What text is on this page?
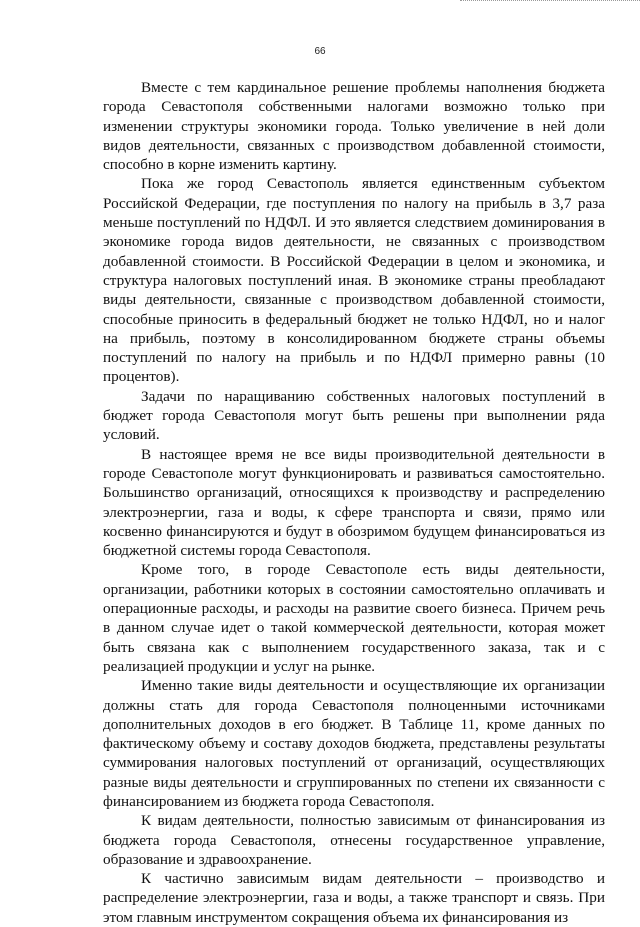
66

Вместе с тем кардинальное решение проблемы наполнения бюджета города Севастополя собственными налогами возможно только при изменении структуры экономики города. Только увеличение в ней доли видов деятельности, связанных с производством добавленной стоимости, способно в корне изменить картину.

Пока же город Севастополь является единственным субъектом Российской Федерации, где поступления по налогу на прибыль в 3,7 раза меньше поступлений по НДФЛ. И это является следствием доминирования в экономике города видов деятельности, не связанных с производством добавленной стоимости. В Российской Федерации в целом и экономика, и структура налоговых поступлений иная. В экономике страны преобладают виды деятельности, связанные с производством добавленной стоимости, способные приносить в федеральный бюджет не только НДФЛ, но и налог на прибыль, поэтому в консолидированном бюджете страны объемы поступлений по налогу на прибыль и по НДФЛ примерно равны (10 процентов).

Задачи по наращиванию собственных налоговых поступлений в бюджет города Севастополя могут быть решены при выполнении ряда условий.

В настоящее время не все виды производительной деятельности в городе Севастополе могут функционировать и развиваться самостоятельно. Большинство организаций, относящихся к производству и распределению электроэнергии, газа и воды, к сфере транспорта и связи, прямо или косвенно финансируются и будут в обозримом будущем финансироваться из бюджетной системы города Севастополя.

Кроме того, в городе Севастополе есть виды деятельности, организации, работники которых в состоянии самостоятельно оплачивать и операционные расходы, и расходы на развитие своего бизнеса. Причем речь в данном случае идет о такой коммерческой деятельности, которая может быть связана как с выполнением государственного заказа, так и с реализацией продукции и услуг на рынке.

Именно такие виды деятельности и осуществляющие их организации должны стать для города Севастополя полноценными источниками дополнительных доходов в его бюджет. В Таблице 11, кроме данных по фактическому объему и составу доходов бюджета, представлены результаты суммирования налоговых поступлений от организаций, осуществляющих разные виды деятельности и сгруппированных по степени их связанности с финансированием из бюджета города Севастополя.

К видам деятельности, полностью зависимым от финансирования из бюджета города Севастополя, отнесены государственное управление, образование и здравоохранение.

К частично зависимым видам деятельности – производство и распределение электроэнергии, газа и воды, а также транспорт и связь. При этом главным инструментом сокращения объема их финансирования из
